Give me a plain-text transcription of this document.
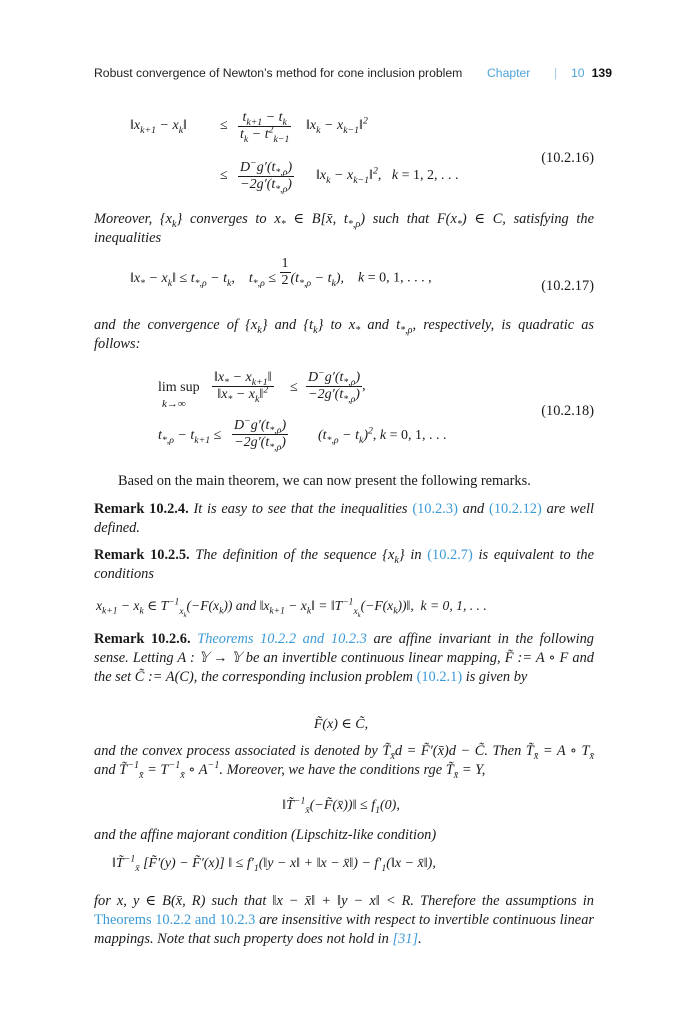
Robust convergence of Newton’s method for cone inclusion problem Chapter | 10 139
$‖x_{k+1}$ − $x_k‖ \le \frac{t_{k+1} - t_k}{t_k - t^2_{k-1}}$ $‖x_k$ − $x_{k-1}‖^2$
≤ $\frac{D^-g'(t_{*,\rho})}{-2g'(t_{*,\rho})}$ $‖x_k$ − $x_{k-1}‖^2$,   k = 1, 2, . . .
(10.2.16)
Moreover, $\{x_k\}$ converges to $x_*$ ∈ B[x̄, $t_{*,\rho}$) such that $F(x_*)$ ∈ C, satisfying the inequalities
$‖x_*$ − $x_k‖ \le t_{*,\rho} - t_k$, $t_{*,\rho} \le \frac{1}{2} (t_{*,\rho} - t_k)$, k = 0, 1, . . . ,	(10.2.17)
and the convergence of $\{x_k\}$ and $\{t_k\}$ to $x_*$ and $t_{*,\rho}$, respectively, is quadratic as follows:
lim sup
k→∞
$\frac{‖x_* - x_{k+1}‖}{‖x_* - x_k‖^2} \le \frac{D^-g'(t_{*,\rho})}{-2g'(t_{*,\rho})}$ ,
$t_{*,\rho} - t_{k+1} \le \frac{D^-g'(t_{*,\rho})}{-2g'(t_{*,\rho})} (t_{*,\rho} - t_k)^2$, k = 0, 1, . . .
(10.2.18)
Based on the main theorem, we can now present the following remarks.
Remark 10.2.4. It is easy to see that the inequalities (10.2.3) and (10.2.12) are well defined.
Remark 10.2.5. The definition of the sequence $\{x_k\}$ in (10.2.7) is equivalent to the conditions
$x_{k+1} - x_k$ ∈ $T^{-1}_{x_k}(-F(x_k))$ and $‖x_{k+1}$ − $x_k‖$ = $‖T^{-1}_{x_k}(-F(x_k))‖$,  k = 0, 1, . . .
Remark 10.2.6. Theorems 10.2.2 and 10.2.3 are affine invariant in the following sense. Letting A : 𝕐 → 𝕐 be an invertible continuous linear mapping, F̃ := A ∘ F and the set C̃ := A(C), the corresponding inclusion problem (10.2.1) is given by
F̃(x) ∈ C̃,
and the convex process associated is denoted by $T̃_{x̄}d$ = F̃′(x̄)d − C̃. Then $T̃_{x̄} = A$ ∘ $T_{x̄}$ and T̃$^{-1}_{x̄}$ = $T^{-1}_{x̄}$ ∘ $A^{-1}$. Moreover, we have the conditions rge $T̃_{x̄} = Y$,
‖T̃$^{-1}_{x̄}$(−F̃(x̄))‖ ≤ $f_1(0)$,
and the affine majorant condition (Lipschitz-like condition)
‖T̃$^{-1}_{x̄}$ [F̃′(y) − F̃′(x)] ‖ ≤ $f'_1(‖y$ − x‖ + ‖x − x̄‖) − $f'_1(‖x$ − x̄‖),
for x, y ∈ B(x̄, R) such that ‖x − x̄‖ + ‖y − x‖ < R. Therefore the assumptions in Theorems 10.2.2 and 10.2.3 are insensitive with respect to invertible continuous linear mappings. Note that such property does not hold in [31].
